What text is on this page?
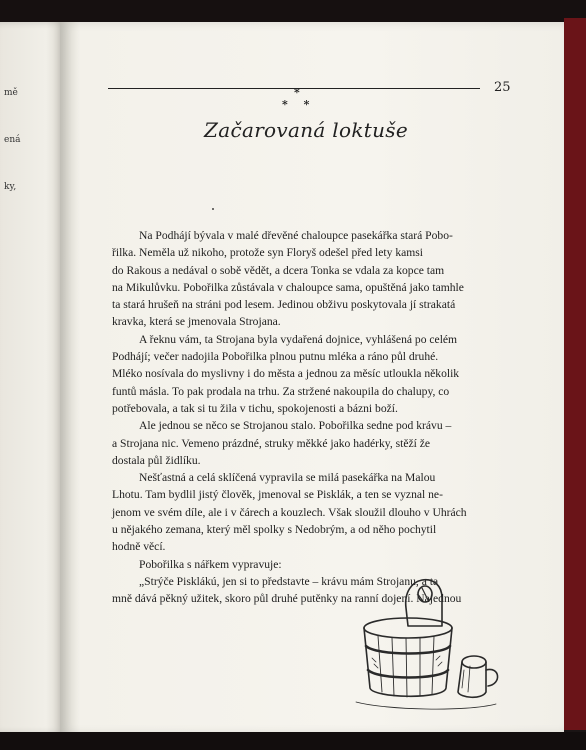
mě
ená
ky,
25
*
* *
Začarovaná loktuše
Na Podhájí bývala v malé dřevěné chaloupce pasekářka stará Pobo-
řilka. Neměla už nikoho, protože syn Floryš odešel před lety kamsi
do Rakous a nedával o sobě vědět, a dcera Tonka se vdala za kopce tam
na Mikulůvku. Pobořilka zůstávala v chaloupce sama, opuštěná jako tamhle
ta stará hrušeň na stráni pod lesem. Jedinou obživu poskytovala jí strakatá
kravka, která se jmenovala Strojana.
A řeknu vám, ta Strojana byla vydařená dojnice, vyhlášená po celém
Podhájí; večer nadojila Pobořilka plnou putnu mléka a ráno půl druhé.
Mléko nosívala do myslivny i do města a jednou za měsíc utloukla několik
funtů másla. To pak prodala na trhu. Za stržené nakoupila do chalupy, co
potřebovala, a tak si tu žila v tichu, spokojenosti a bázni boží.
Ale jednou se něco se Strojanou stalo. Pobořilka sedne pod krávu –
a Strojana nic. Vemeno prázdné, struky měkké jako hadérky, stěží že
dostala půl židlíku.
Nešťastná a celá sklíčená vypravila se milá pasekářka na Malou
Lhotu. Tam bydlil jistý člověk, jmenoval se Pisklák, a ten se vyznal ne-
jenom ve svém díle, ale i v čárech a kouzlech. Však sloužil dlouho v Uhrách
u nějakého zemana, který měl spolky s Nedobrým, a od něho pochytil
hodně věcí.
Pobořilka s nářkem vypravuje:
„Strýče Pisklákú, jen si to představte – krávu mám Strojanu, a ta
mně dává pěkný užitek, skoro půl druhé putěnky na ranní dojení. Najednou
